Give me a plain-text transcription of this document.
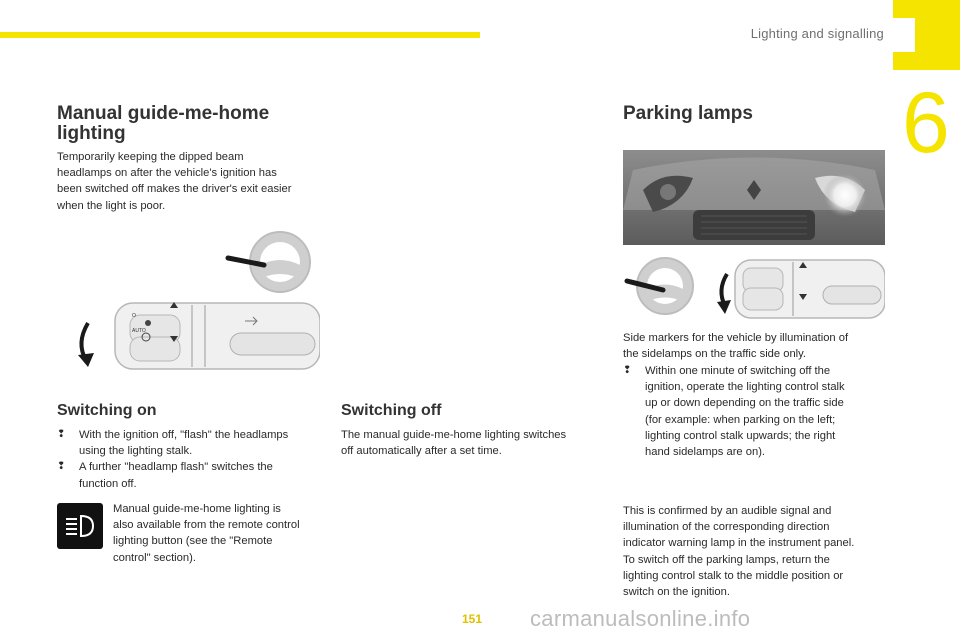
Lighting and signalling
6
Manual guide-me-home
lighting
Temporarily keeping the dipped beam
headlamps on after the vehicle's ignition has
been switched off makes the driver's exit easier
when the light is poor.
O
AUTO
Switching on
❢ With the ignition off, "flash" the headlamps
using the lighting stalk.
❢ A further "headlamp flash" switches the
function off.
Manual guide-me-home lighting is
also available from the remote control
lighting button (see the "Remote
control" section).
Switching off
The manual guide-me-home lighting switches
off automatically after a set time.
Parking lamps
Side markers for the vehicle by illumination of
the sidelamps on the traffic side only.
❢ Within one minute of switching off the
ignition, operate the lighting control stalk
up or down depending on the traffic side
(for example: when parking on the left;
lighting control stalk upwards; the right
hand sidelamps are on).
This is confirmed by an audible signal and
illumination of the corresponding direction
indicator warning lamp in the instrument panel.
To switch off the parking lamps, return the
lighting control stalk to the middle position or
switch on the ignition.
151 carmanualsonline.info
